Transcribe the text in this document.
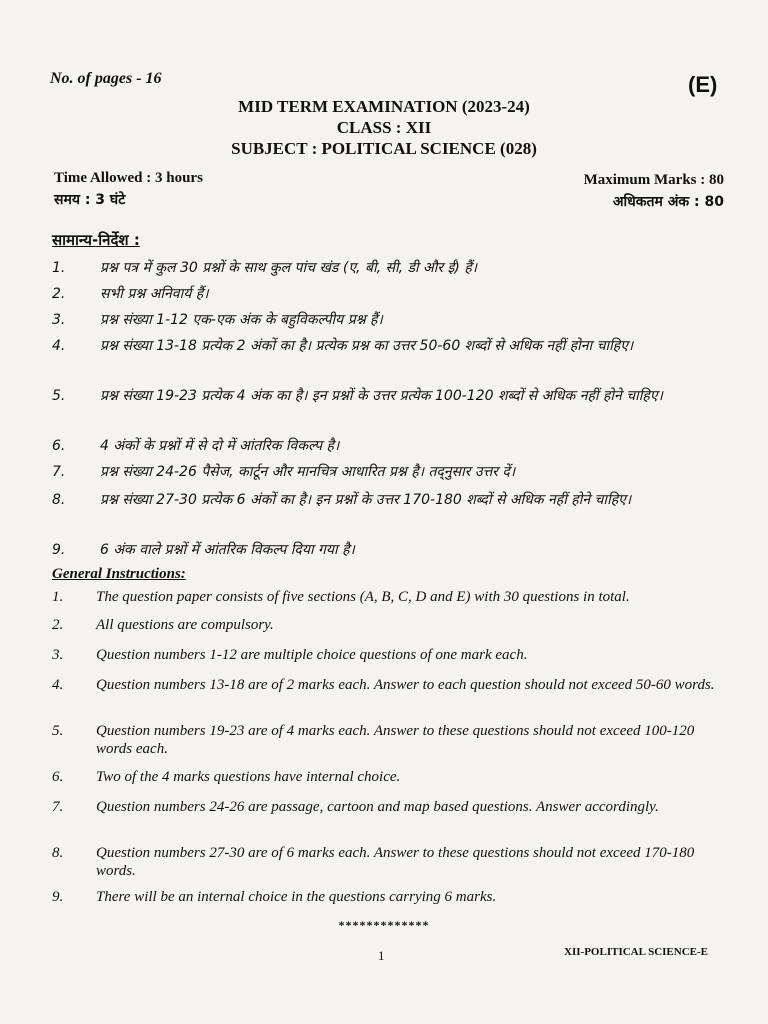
No. of pages - 16	(E)
MID TERM EXAMINATION (2023-24)
CLASS : XII
SUBJECT : POLITICAL SCIENCE (028)
Time Allowed : 3 hours
समय : 3 घंटे
Maximum Marks : 80
अधिकतम अंक : 80
सामान्य-निर्देश :
1.	प्रश्न पत्र में कुल 30 प्रश्नों के साथ कुल पांच खंड (ए, बी, सी, डी और ई) हैं।
2.	सभी प्रश्न अनिवार्य हैं।
3.	प्रश्न संख्या 1-12 एक-एक अंक के बहुविकल्पीय प्रश्न हैं।
4.	प्रश्न संख्या 13-18 प्रत्येक 2 अंकों का है। प्रत्येक प्रश्न का उत्तर 50-60 शब्दों से अधिक नहीं होना चाहिए।
5.	प्रश्न संख्या 19-23 प्रत्येक 4 अंक का है। इन प्रश्नों के उत्तर प्रत्येक 100-120 शब्दों से अधिक नहीं होने चाहिए।
6.	4 अंकों के प्रश्नों में से दो में आंतरिक विकल्प है।
7.	प्रश्न संख्या 24-26 पैसेज, कार्टून और मानचित्र आधारित प्रश्न है। तद्नुसार उत्तर दें।
8.	प्रश्न संख्या 27-30 प्रत्येक 6 अंकों का है। इन प्रश्नों के उत्तर 170-180 शब्दों से अधिक नहीं होने चाहिए।
9.	6 अंक वाले प्रश्नों में आंतरिक विकल्प दिया गया है।
General Instructions:
1.	The question paper consists of five sections (A, B, C, D and E) with 30 questions in total.
2.	All questions are compulsory.
3.	Question numbers 1-12 are multiple choice questions of one mark each.
4.	Question numbers 13-18 are of 2 marks each. Answer to each question should not exceed 50-60 words.
5.	Question numbers 19-23 are of 4 marks each. Answer to these questions should not exceed 100-120 words each.
6.	Two of the 4 marks questions have internal choice.
7.	Question numbers 24-26 are passage, cartoon and map based questions. Answer accordingly.
8.	Question numbers 27-30 are of 6 marks each. Answer to these questions should not exceed 170-180 words.
9.	There will be an internal choice in the questions carrying 6 marks.
*************
1	XII-POLITICAL SCIENCE-E
